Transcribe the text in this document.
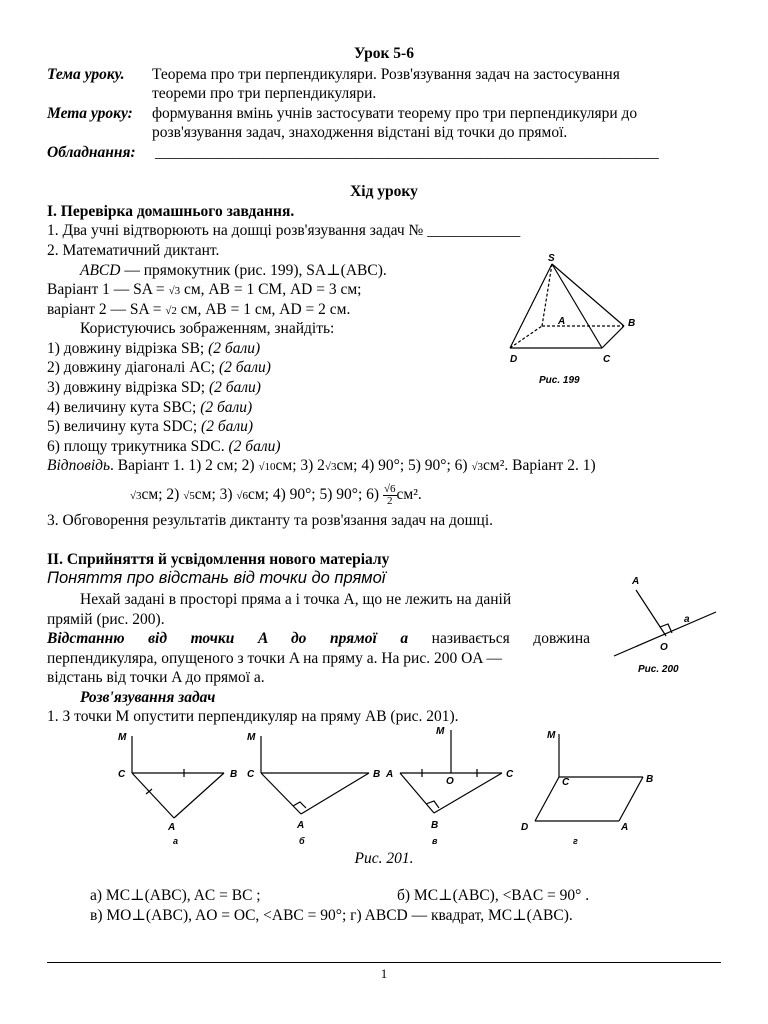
Урок 5-6
Тема уроку. Теорема про три перпендикуляри. Розв'язування задач на застосування
теореми про три перпендикуляри.
Мета уроку: формування вмінь учнів застосувати теорему про три перпендикуляри до
розв'язування задач, знаходження відстані від точки до прямої.
Обладнання: _________________________________________________________________
Хід уроку
I. Перевірка домашнього завдання.
1. Два учні відтворюють на дошці розв'язування задач № ____________
2. Математичний диктант.
ABCD — прямокутник (рис. 199), SA⊥(ABC).
Варіант 1 — SA = √3 см, AB = 1 СМ, AD = 3 см;
варіант 2 — SA = √2 см, AB = 1 см, AD = 2 см.
Користуючись зображенням, знайдіть:
1) довжину відрізка SB; (2 бали)
2) довжину діагоналі AC; (2 бали)
3) довжину відрізка SD; (2 бали)
4) величину кута SBC; (2 бали)
5) величину кута SDC; (2 бали)
6) площу трикутника SDC. (2 бали)
Відповідь. Варіант 1. 1) 2 см; 2) √10см; 3) 2√3см; 4) 90°; 5) 90°; 6) √3см². Варіант 2. 1)
√3см; 2) √5см; 3) √6см; 4) 90°; 5) 90°; $6) \frac{√6}{2} см^2$.
3. Обговорення результатів диктанту та розв'язання задач на дошці.
S
A	B
D	C
Рис. 199
II. Сприйняття й усвідомлення нового матеріалу
Поняття про відстань від точки до прямої
Нехай задані в просторі пряма a і точка A, що не лежить на даній
прямій (рис. 200).
Відстанню від точки A до прямої a називається довжина
перпендикуляра, опущеного з точки A на пряму a. На рис. 200 OA —
відстань від точки A до прямої a.
Розв'язування задач
1. З точки M опустити перпендикуляр на пряму AB (рис. 201).
A
a
O
Рис. 200
M
C	B
A
а
M
C	B
A
б
M
A
O
C
B
в
M
C	B
D	A
г
Рис. 201.
а) MC⊥(ABC), AC = BC ;	б) MC⊥(ABC), <BAC = 90° .
в) MO⊥(ABC), AO = OC, <ABC = 90°; г) ABCD — квадрат, MC⊥(ABC).
1
